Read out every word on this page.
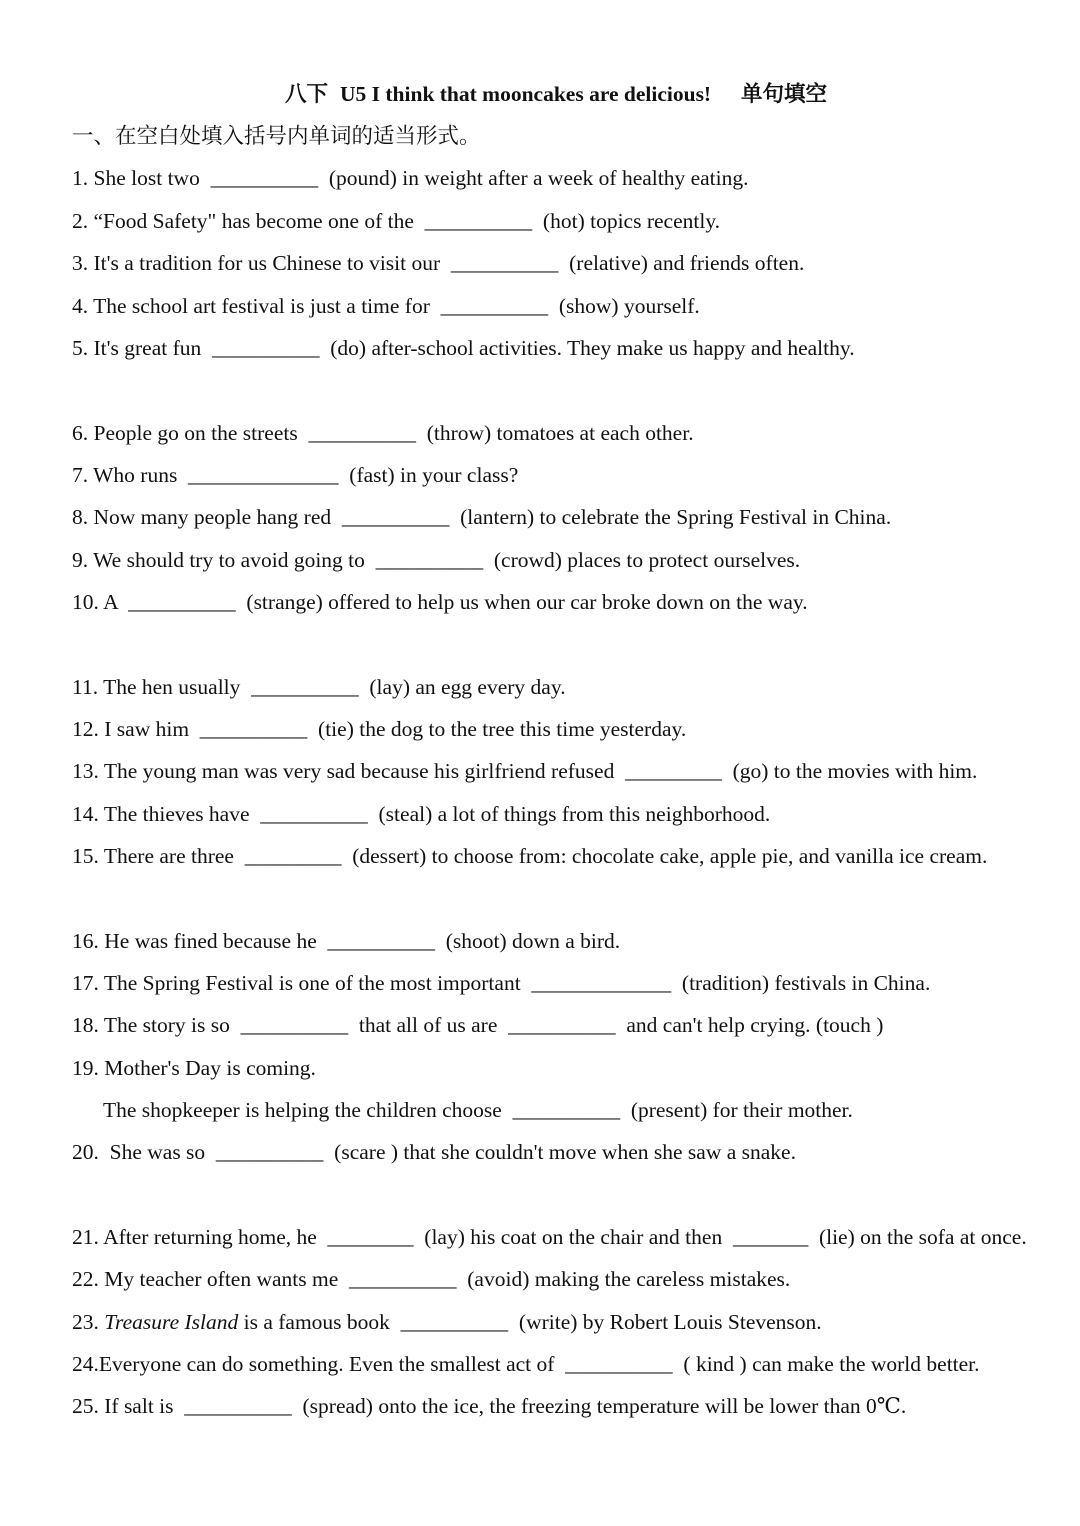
八下

U5 I think that mooncakes are delicious!

单句填空

一、在空白处填入括号内单词的适当形式。
1. She lost two  __________  (pound) in weight after a week of healthy eating.
2. “Food Safety" has become one of the  __________  (hot) topics recently.
3. It's a tradition for us Chinese to visit our  __________  (relative) and friends often.
4. The school art festival is just a time for  __________  (show) yourself.
5. It's great fun  __________  (do) after-school activities. They make us happy and healthy.
6. People go on the streets  __________  (throw) tomatoes at each other.
7. Who runs  ______________  (fast) in your class?
8. Now many people hang red  __________  (lantern) to celebrate the Spring Festival in China.
9. We should try to avoid going to  __________  (crowd) places to protect ourselves.
10. A  __________  (strange) offered to help us when our car broke down on the way.
11. The hen usually  __________  (lay) an egg every day.
12. I saw him  __________  (tie) the dog to the tree this time yesterday.
13. The young man was very sad because his girlfriend refused  _________  (go) to the movies with him.
14. The thieves have  __________  (steal) a lot of things from this neighborhood.
15. There are three  _________  (dessert) to choose from: chocolate cake, apple pie, and vanilla ice cream.
16. He was fined because he  __________  (shoot) down a bird.
17. The Spring Festival is one of the most important  _____________  (tradition) festivals in China.
18. The story is so  __________  that all of us are  __________  and can't help crying. (touch )
19. Mother's Day is coming.
The shopkeeper is helping the children choose  __________  (present) for their mother.
20.  She was so  __________  (scare ) that she couldn't move when she saw a snake.
21. After returning home, he  ________  (lay) his coat on the chair and then  _______  (lie) on the sofa at once.
22. My teacher often wants me  __________  (avoid) making the careless mistakes.
23. Treasure Island is a famous book  __________  (write) by Robert Louis Stevenson.
24.Everyone can do something. Even the smallest act of  __________  ( kind ) can make the world better.
25. If salt is  __________  (spread) onto the ice, the freezing temperature will be lower than 0℃.
